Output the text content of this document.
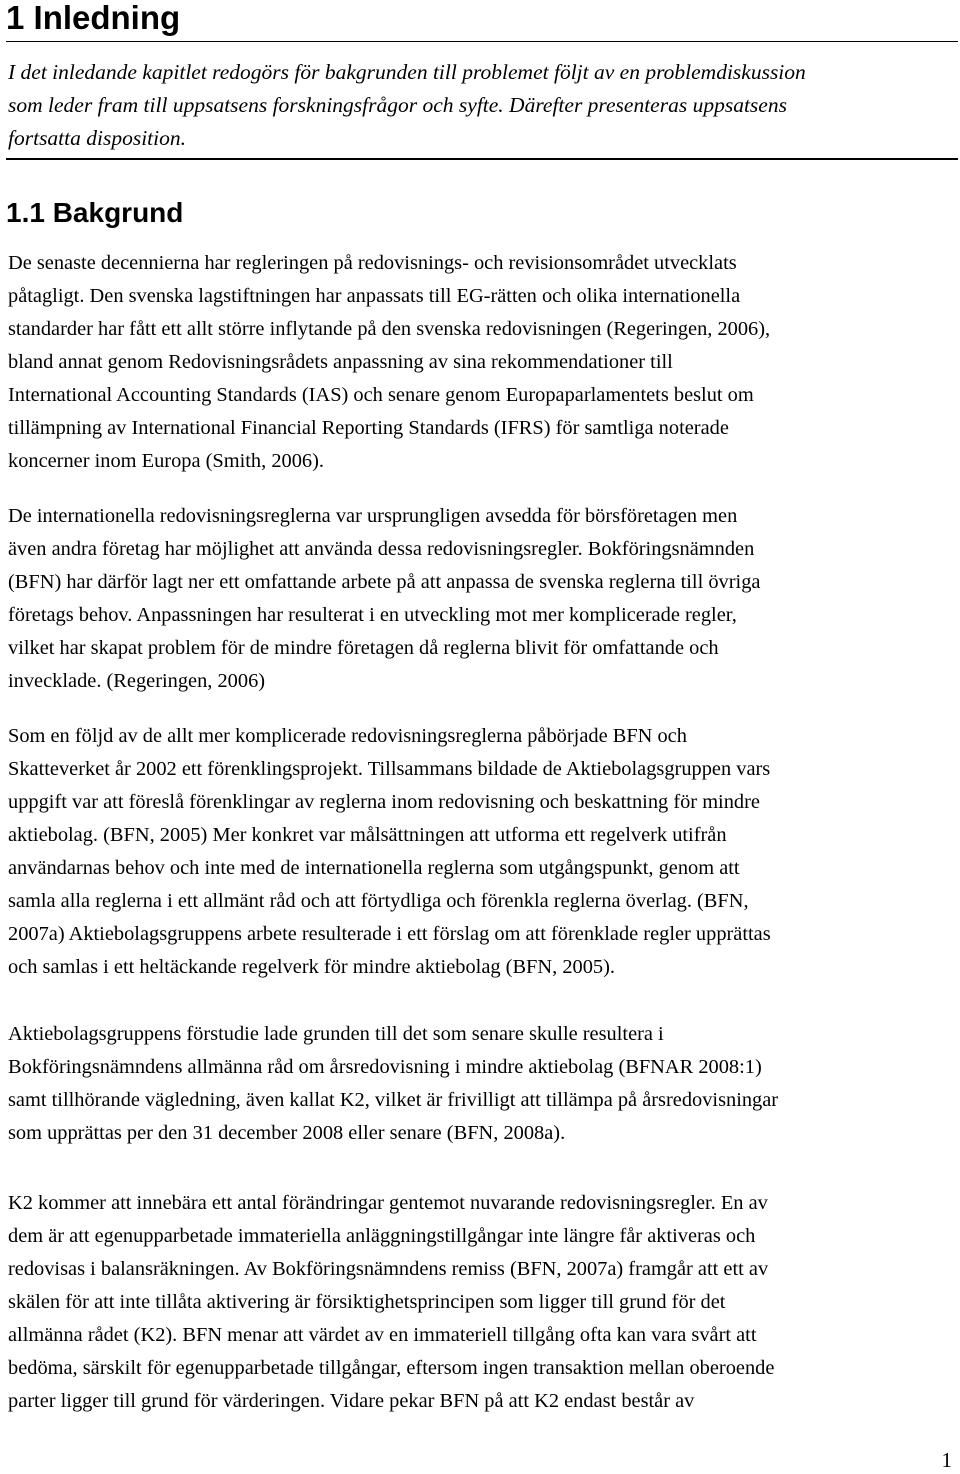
1 Inledning

I det inledande kapitlet redogörs för bakgrunden till problemet följt av en problemdiskussion
som leder fram till uppsatsens forskningsfrågor och syfte. Därefter presenteras uppsatsens
fortsatta disposition.

1.1 Bakgrund

De senaste decennierna har regleringen på redovisnings- och revisionsområdet utvecklats
påtagligt. Den svenska lagstiftningen har anpassats till EG-rätten och olika internationella
standarder har fått ett allt större inflytande på den svenska redovisningen (Regeringen, 2006),
bland annat genom Redovisningsrådets anpassning av sina rekommendationer till
International Accounting Standards (IAS) och senare genom Europaparlamentets beslut om
tillämpning av International Financial Reporting Standards (IFRS) för samtliga noterade
koncerner inom Europa (Smith, 2006).

De internationella redovisningsreglerna var ursprungligen avsedda för börsföretagen men
även andra företag har möjlighet att använda dessa redovisningsregler. Bokföringsnämnden
(BFN) har därför lagt ner ett omfattande arbete på att anpassa de svenska reglerna till övriga
företags behov. Anpassningen har resulterat i en utveckling mot mer komplicerade regler,
vilket har skapat problem för de mindre företagen då reglerna blivit för omfattande och
invecklade. (Regeringen, 2006)

Som en följd av de allt mer komplicerade redovisningsreglerna påbörjade BFN och
Skatteverket år 2002 ett förenklingsprojekt. Tillsammans bildade de Aktiebolagsgruppen vars
uppgift var att föreslå förenklingar av reglerna inom redovisning och beskattning för mindre
aktiebolag. (BFN, 2005) Mer konkret var målsättningen att utforma ett regelverk utifrån
användarnas behov och inte med de internationella reglerna som utgångspunkt, genom att
samla alla reglerna i ett allmänt råd och att förtydliga och förenkla reglerna överlag. (BFN,
2007a) Aktiebolagsgruppens arbete resulterade i ett förslag om att förenklade regler upprättas
och samlas i ett heltäckande regelverk för mindre aktiebolag (BFN, 2005).

Aktiebolagsgruppens förstudie lade grunden till det som senare skulle resultera i
Bokföringsnämndens allmänna råd om årsredovisning i mindre aktiebolag (BFNAR 2008:1)
samt tillhörande vägledning, även kallat K2, vilket är frivilligt att tillämpa på årsredovisningar
som upprättas per den 31 december 2008 eller senare (BFN, 2008a).

K2 kommer att innebära ett antal förändringar gentemot nuvarande redovisningsregler. En av
dem är att egenupparbetade immateriella anläggningstillgångar inte längre får aktiveras och
redovisas i balansräkningen. Av Bokföringsnämndens remiss (BFN, 2007a) framgår att ett av
skälen för att inte tillåta aktivering är försiktighetsprincipen som ligger till grund för det
allmänna rådet (K2). BFN menar att värdet av en immateriell tillgång ofta kan vara svårt att
bedöma, särskilt för egenupparbetade tillgångar, eftersom ingen transaktion mellan oberoende
parter ligger till grund för värderingen. Vidare pekar BFN på att K2 endast består av

1
